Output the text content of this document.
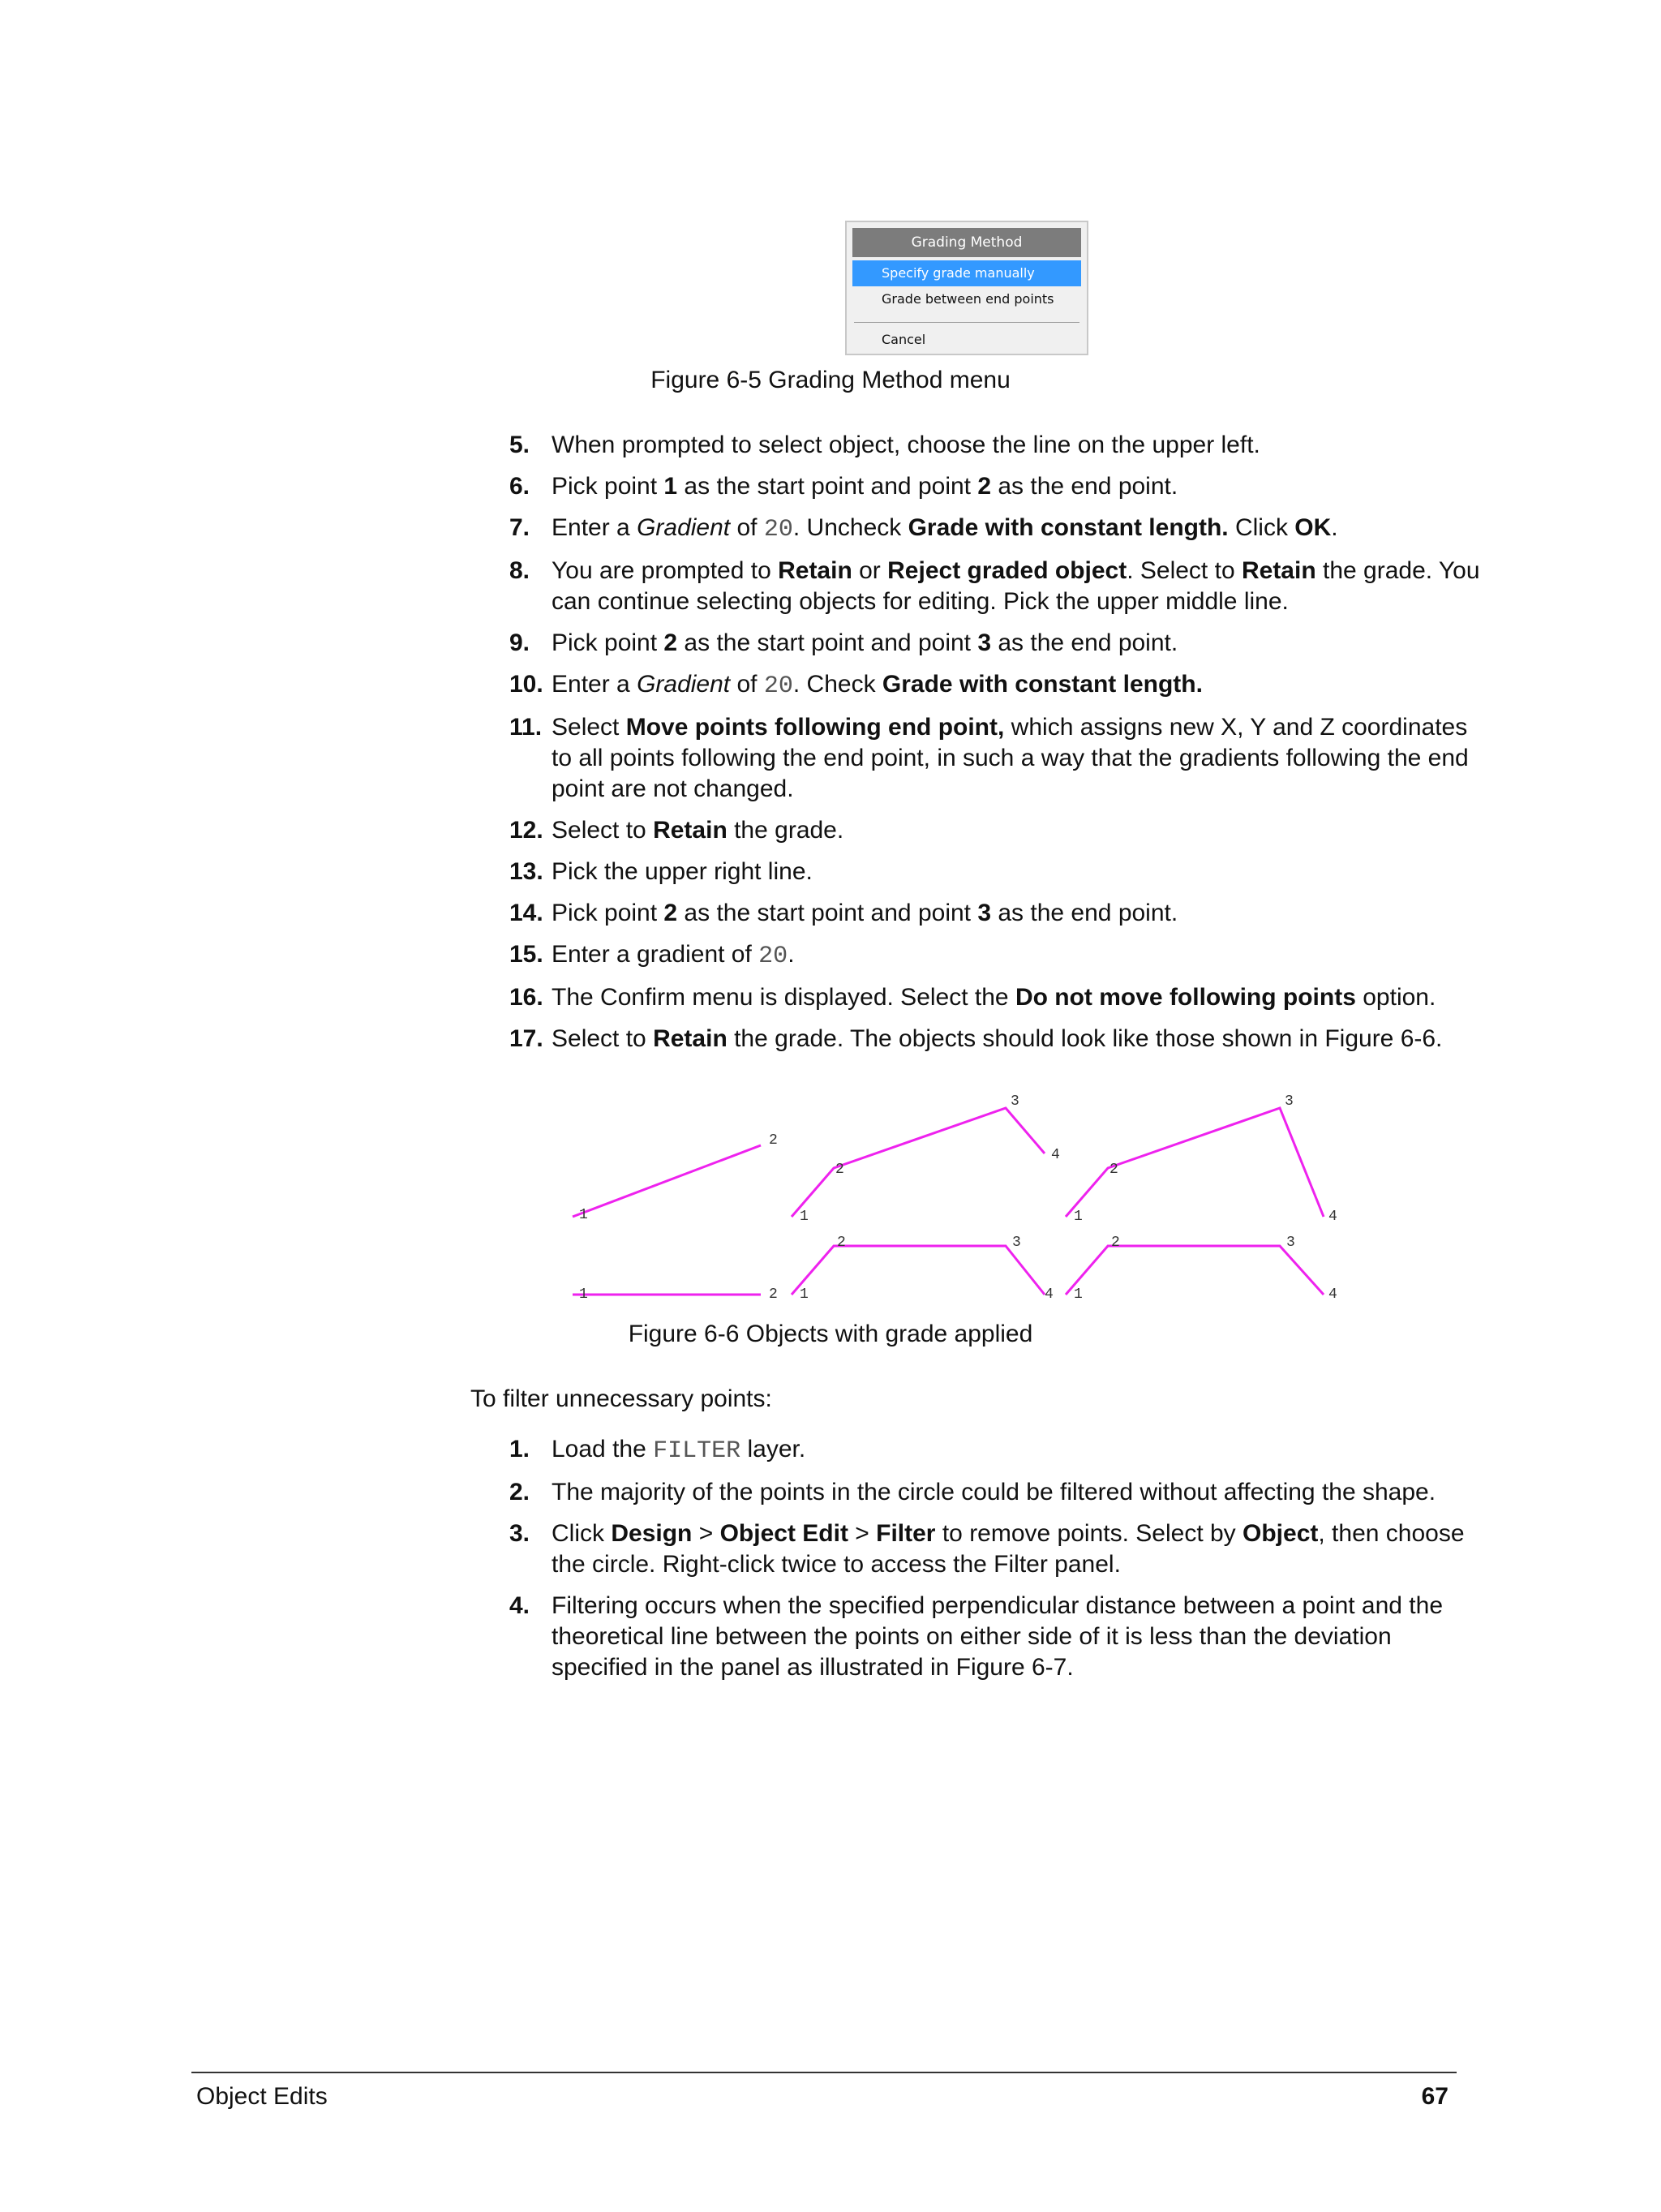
Grading Method
Specify grade manually
Grade between end points
Cancel
Figure 6-5 Grading Method menu
5. When prompted to select object, choose the line on the upper left.
6. Pick point 1 as the start point and point 2 as the end point.
7. Enter a Gradient of 20. Uncheck Grade with constant length. Click OK.
8. You are prompted to Retain or Reject graded object. Select to Retain the grade. You can continue selecting objects for editing. Pick the upper middle line.
9. Pick point 2 as the start point and point 3 as the end point.
10. Enter a Gradient of 20. Check Grade with constant length.
11. Select Move points following end point, which assigns new X, Y and Z coordinates to all points following the end point, in such a way that the gradients following the end point are not changed.
12. Select to Retain the grade.
13. Pick the upper right line.
14. Pick point 2 as the start point and point 3 as the end point.
15. Enter a gradient of 20.
16. The Confirm menu is displayed. Select the Do not move following points option.
17. Select to Retain the grade. The objects should look like those shown in Figure 6-6.
1
2
1
2
3
4
1
2
3
4
1	2 1
2	3
4 1
2	3
4
Figure 6-6 Objects with grade applied
To filter unnecessary points:
1. Load the FILTER layer.
2. The majority of the points in the circle could be filtered without affecting the shape.
3. Click Design > Object Edit > Filter to remove points. Select by Object, then choose the circle. Right-click twice to access the Filter panel.
4. Filtering occurs when the specified perpendicular distance between a point and the theoretical line between the points on either side of it is less than the deviation specified in the panel as illustrated in Figure 6-7.
Object Edits	67
